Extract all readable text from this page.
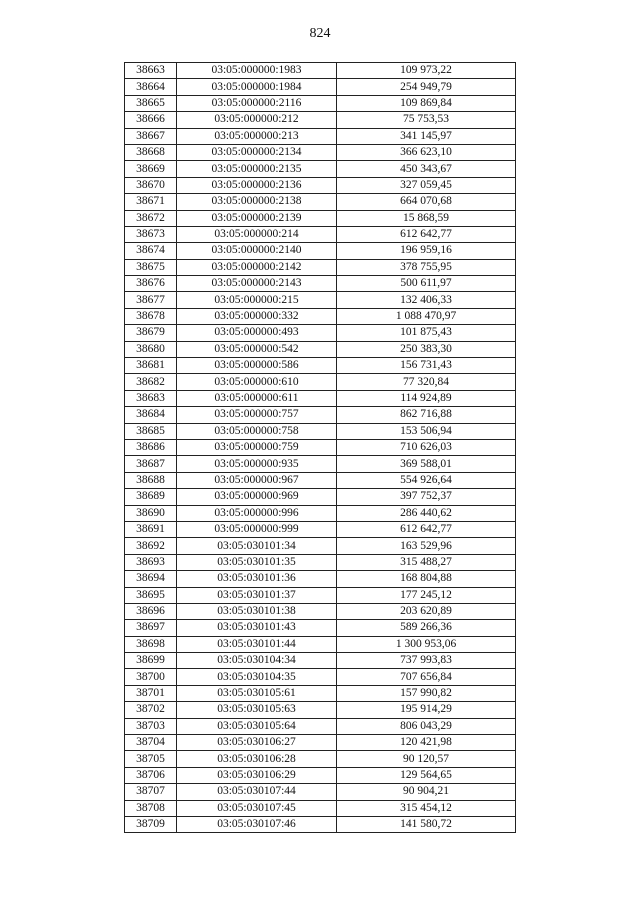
824
38663	03:05:000000:1983	109 973,22
38664	03:05:000000:1984	254 949,79
38665	03:05:000000:2116	109 869,84
38666	03:05:000000:212	75 753,53
38667	03:05:000000:213	341 145,97
38668	03:05:000000:2134	366 623,10
38669	03:05:000000:2135	450 343,67
38670	03:05:000000:2136	327 059,45
38671	03:05:000000:2138	664 070,68
38672	03:05:000000:2139	15 868,59
38673	03:05:000000:214	612 642,77
38674	03:05:000000:2140	196 959,16
38675	03:05:000000:2142	378 755,95
38676	03:05:000000:2143	500 611,97
38677	03:05:000000:215	132 406,33
38678	03:05:000000:332	1 088 470,97
38679	03:05:000000:493	101 875,43
38680	03:05:000000:542	250 383,30
38681	03:05:000000:586	156 731,43
38682	03:05:000000:610	77 320,84
38683	03:05:000000:611	114 924,89
38684	03:05:000000:757	862 716,88
38685	03:05:000000:758	153 506,94
38686	03:05:000000:759	710 626,03
38687	03:05:000000:935	369 588,01
38688	03:05:000000:967	554 926,64
38689	03:05:000000:969	397 752,37
38690	03:05:000000:996	286 440,62
38691	03:05:000000:999	612 642,77
38692	03:05:030101:34	163 529,96
38693	03:05:030101:35	315 488,27
38694	03:05:030101:36	168 804,88
38695	03:05:030101:37	177 245,12
38696	03:05:030101:38	203 620,89
38697	03:05:030101:43	589 266,36
38698	03:05:030101:44	1 300 953,06
38699	03:05:030104:34	737 993,83
38700	03:05:030104:35	707 656,84
38701	03:05:030105:61	157 990,82
38702	03:05:030105:63	195 914,29
38703	03:05:030105:64	806 043,29
38704	03:05:030106:27	120 421,98
38705	03:05:030106:28	90 120,57
38706	03:05:030106:29	129 564,65
38707	03:05:030107:44	90 904,21
38708	03:05:030107:45	315 454,12
38709	03:05:030107:46	141 580,72
